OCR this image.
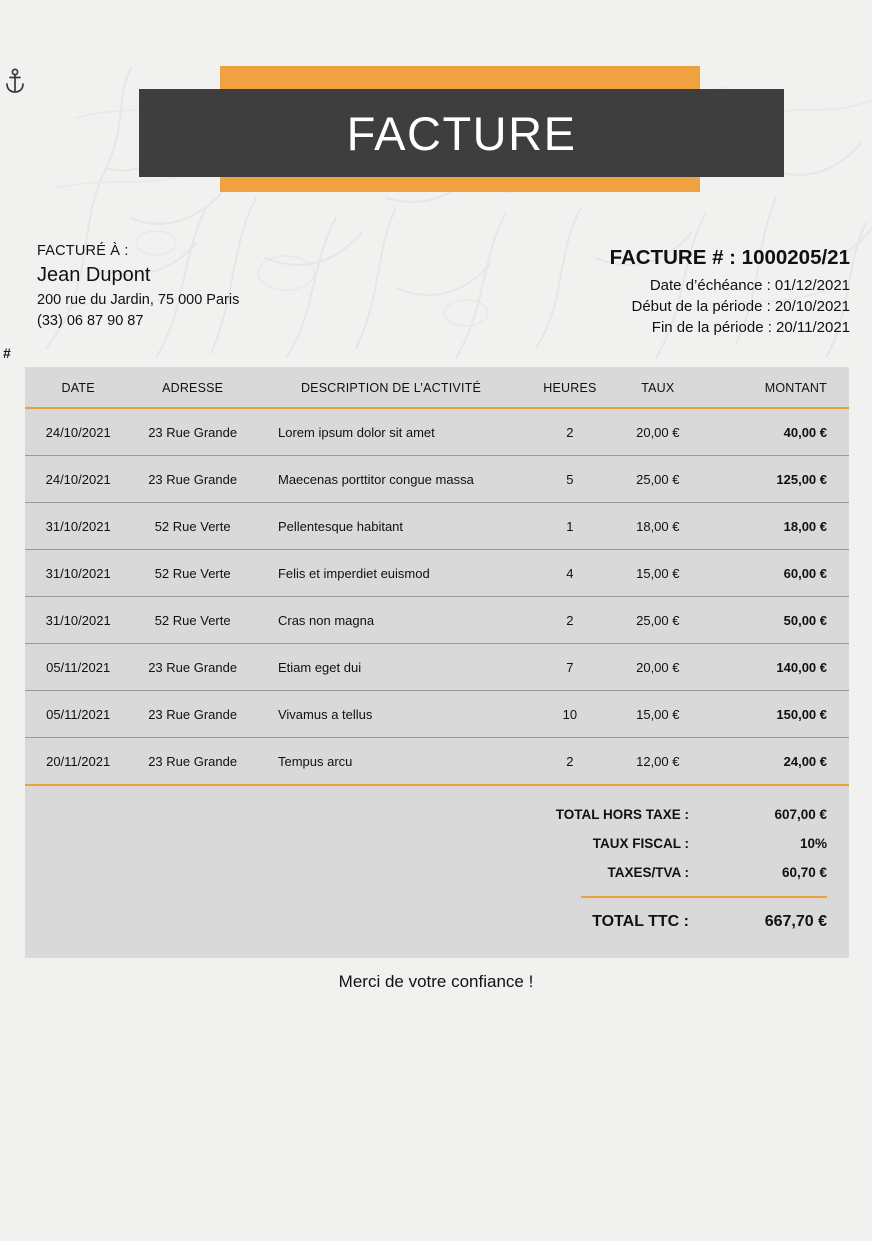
#
FACTURE
FACTURÉ À :
Jean Dupont
200 rue du Jardin, 75 000 Paris
(33) 06 87 90 87
FACTURE # : 1000205/21
Date d’échéance : 01/12/2021
Début de la période : 20/10/2021
Fin de la période : 20/11/2021
DATE	ADRESSE	DESCRIPTION DE L’ACTIVITÉ	HEURES	TAUX	MONTANT
24/10/2021	23 Rue Grande	Lorem ipsum dolor sit amet	2	20,00 €	40,00 €
24/10/2021	23 Rue Grande	Maecenas porttitor congue massa	5	25,00 €	125,00 €
31/10/2021	52 Rue Verte	Pellentesque habitant	1	18,00 €	18,00 €
31/10/2021	52 Rue Verte	Felis et imperdiet euismod	4	15,00 €	60,00 €
31/10/2021	52 Rue Verte	Cras non magna	2	25,00 €	50,00 €
05/11/2021	23 Rue Grande	Etiam eget dui	7	20,00 €	140,00 €
05/11/2021	23 Rue Grande	Vivamus a tellus	10	15,00 €	150,00 €
20/11/2021	23 Rue Grande	Tempus arcu	2	12,00 €	24,00 €
TOTAL HORS TAXE :	607,00 €
TAUX FISCAL :	10%
TAXES/TVA :	60,70 €
TOTAL TTC :	667,70 €
Merci de votre confiance !
